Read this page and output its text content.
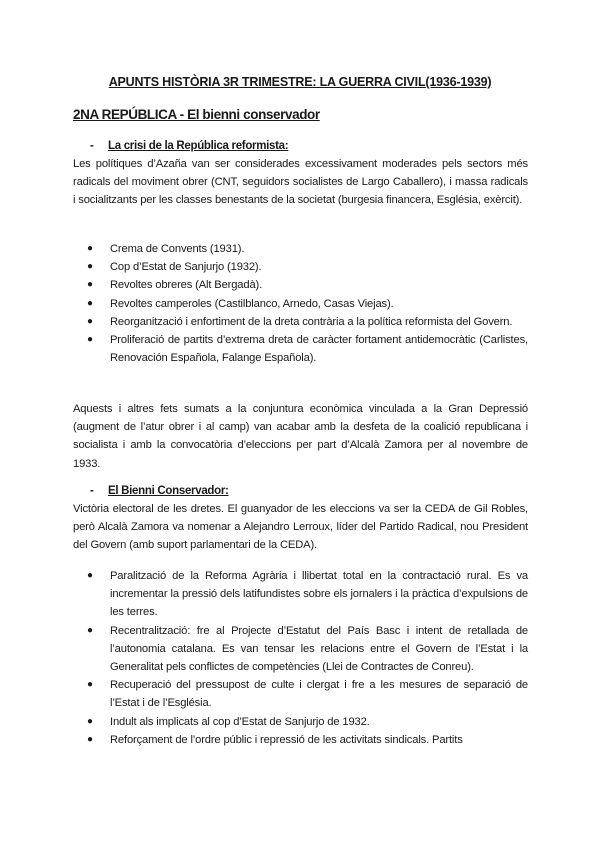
APUNTS HISTÒRIA 3R TRIMESTRE: LA GUERRA CIVIL(1936-1939)
2NA REPÚBLICA - El bienni conservador
- La crisi de la República reformista:
Les polítiques d’Azaña van ser considerades excessivament moderades pels sectors més radicals del moviment obrer (CNT, seguidors socialistes de Largo Caballero), i massa radicals i socialitzants per les classes benestants de la societat (burgesia financera, Església, exèrcit).
● Crema de Convents (1931).
● Cop d’Estat de Sanjurjo (1932).
● Revoltes obreres (Alt Bergadà).
● Revoltes camperoles (Castilblanco, Arnedo, Casas Viejas).
● Reorganització i enfortiment de la dreta contrària a la política reformista del Govern.
● Proliferació de partits d’extrema dreta de caràcter fortament antidemocràtic (Carlistes, Renovación Española, Falange Española).
Aquests i altres fets sumats a la conjuntura econòmica vinculada a la Gran Depressió (augment de l’atur obrer i al camp) van acabar amb la desfeta de la coalició republicana i socialista i amb la convocatòria d’eleccions per part d’Alcalà Zamora per al novembre de 1933.
- El Bienni Conservador:
Victòria electoral de les dretes. El guanyador de les eleccions va ser la CEDA de Gil Robles, però Alcalà Zamora va nomenar a Alejandro Lerroux, líder del Partido Radical, nou President del Govern (amb suport parlamentari de la CEDA).
● Paralització de la Reforma Agrària i llibertat total en la contractació rural. Es va incrementar la pressió dels latifundistes sobre els jornalers i la pràctica d’expulsions de les terres.
● Recentralització: fre al Projecte d’Estatut del País Basc i intent de retallada de l’autonomia catalana. Es van tensar les relacions entre el Govern de l’Estat i la Generalitat pels conflictes de competències (Llei de Contractes de Conreu).
● Recuperació del pressupost de culte i clergat i fre a les mesures de separació de l’Estat i de l’Església.
● Indult als implicats al cop d’Estat de Sanjurjo de 1932.
● Reforçament de l’ordre públic i repressió de les activitats sindicals. Partits
